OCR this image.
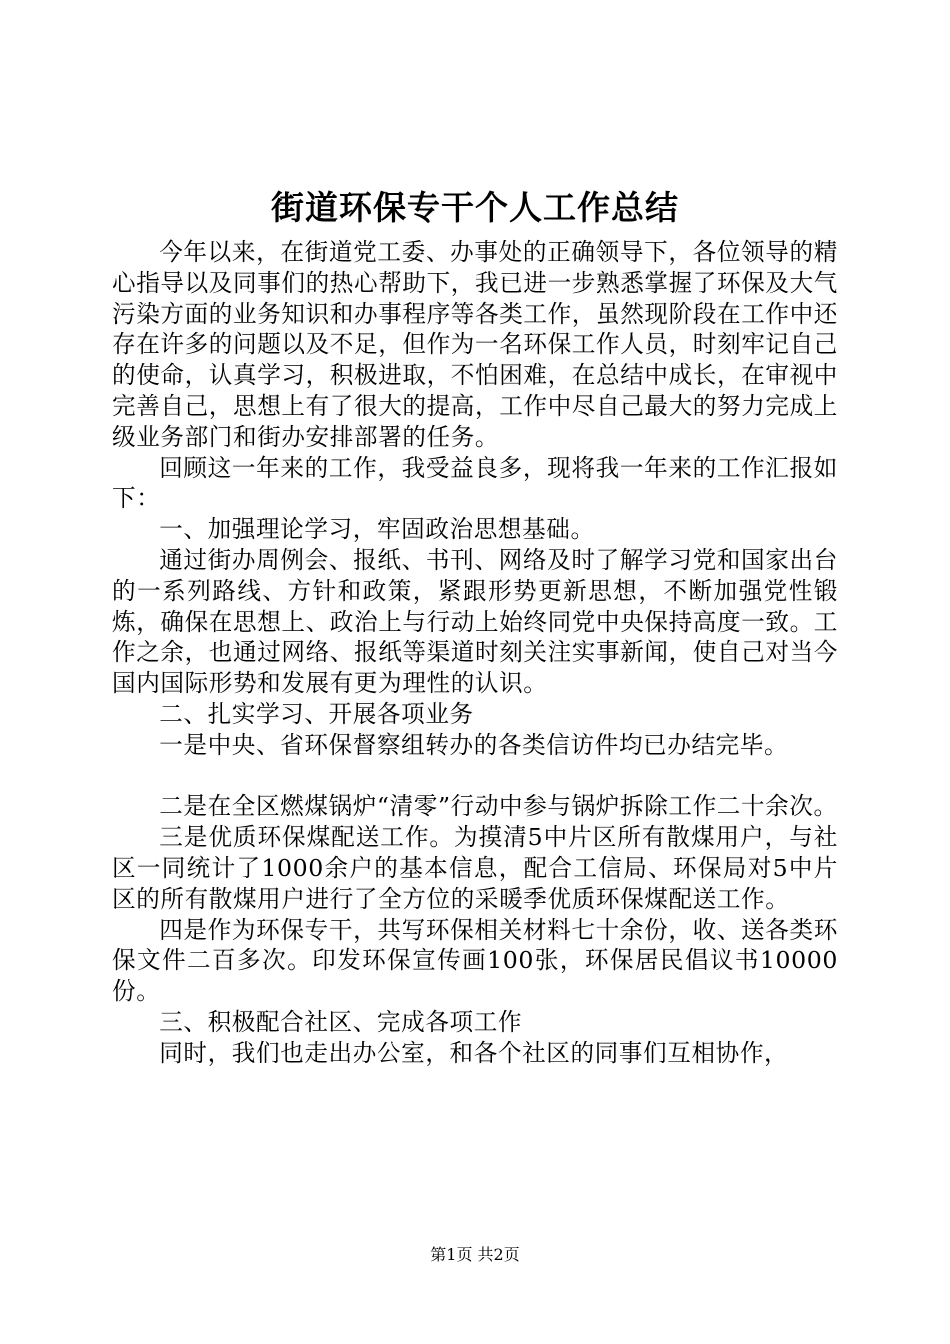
街道环保专干个人工作总结

今年以来，在街道党工委、办事处的正确领导下，各位领导的精心指导以及同事们的热心帮助下，我已进一步熟悉掌握了环保及大气污染方面的业务知识和办事程序等各类工作，虽然现阶段在工作中还存在许多的问题以及不足，但作为一名环保工作人员，时刻牢记自己的使命，认真学习，积极进取，不怕困难，在总结中成长，在审视中完善自己，思想上有了很大的提高，工作中尽自己最大的努力完成上级业务部门和街办安排部署的任务。

回顾这一年来的工作，我受益良多，现将我一年来的工作汇报如下：

一、加强理论学习，牢固政治思想基础。

通过街办周例会、报纸、书刊、网络及时了解学习党和国家出台的一系列路线、方针和政策，紧跟形势更新思想，不断加强党性锻炼，确保在思想上、政治上与行动上始终同党中央保持高度一致。工作之余，也通过网络、报纸等渠道时刻关注实事新闻，使自己对当今国内国际形势和发展有更为理性的认识。

二、扎实学习、开展各项业务

一是中央、省环保督察组转办的各类信访件均已办结完毕。

二是在全区燃煤锅炉“清零”行动中参与锅炉拆除工作二十余次。

三是优质环保煤配送工作。为摸清5中片区所有散煤用户，与社区一同统计了1000余户的基本信息，配合工信局、环保局对5中片区的所有散煤用户进行了全方位的采暖季优质环保煤配送工作。

四是作为环保专干，共写环保相关材料七十余份，收、送各类环保文件二百多次。印发环保宣传画100张，环保居民倡议书10000份。

三、积极配合社区、完成各项工作

同时，我们也走出办公室，和各个社区的同事们互相协作，

第1页 共2页
